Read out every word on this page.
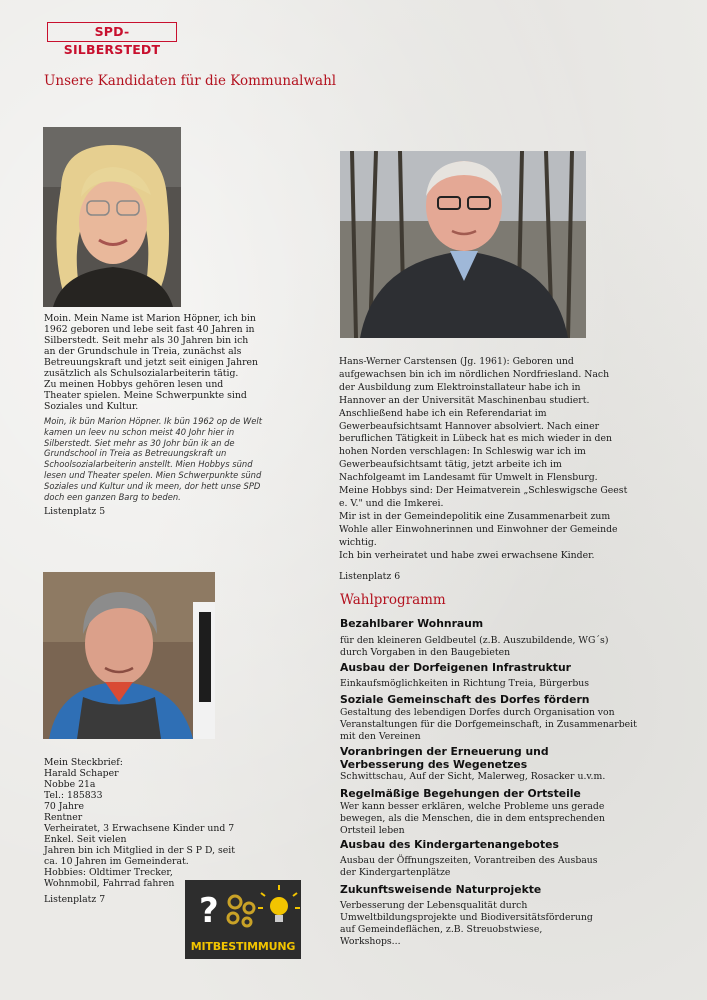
SPD-SILBERSTEDT
Unsere Kandidaten für die Kommunalwahl
Moin. Mein Name ist Marion Höpner, ich bin
1962 geboren und lebe seit fast 40 Jahren in
Silberstedt. Seit mehr als 30 Jahren bin ich
an der Grundschule in Treia, zunächst als
Betreuungskraft und jetzt seit einigen Jahren
zusätzlich als Schulsozialarbeiterin tätig.
Zu meinen Hobbys gehören lesen und
Theater spielen. Meine Schwerpunkte sind
Soziales und Kultur.
Moin, ik bün Marion Höpner. Ik bün 1962 op de Welt
kamen un leev nu schon meist 40 Johr hier in
Silberstedt. Siet mehr as 30 Johr bün ik an de
Grundschool in Treia as Betreuungskraft un
Schoolsozialarbeiterin anstellt. Mien Hobbys sünd
lesen und Theater spelen. Mien Schwerpunkte sünd
Soziales und Kultur und ik meen, dor hett unse SPD
doch een ganzen Barg to beden.
Listenplatz 5
Hans-Werner Carstensen (Jg. 1961): Geboren und
aufgewachsen bin ich im nördlichen Nordfriesland. Nach
der Ausbildung zum Elektroinstallateur habe ich in
Hannover an der Universität Maschinenbau studiert.
Anschließend habe ich ein Referendariat im
Gewerbeaufsichtsamt Hannover absolviert. Nach einer
beruflichen Tätigkeit in Lübeck hat es mich wieder in den
hohen Norden verschlagen: In Schleswig war ich im
Gewerbeaufsichtsamt tätig, jetzt arbeite ich im
Nachfolgeamt im Landesamt für Umwelt in Flensburg.
Meine Hobbys sind: Der Heimatverein „Schleswigsche Geest
e. V." und die Imkerei.
Mir ist in der Gemeindepolitik eine Zusammenarbeit zum
Wohle aller Einwohnerinnen und Einwohner der Gemeinde
wichtig.
Ich bin verheiratet und habe zwei erwachsene Kinder.
Listenplatz 6
Mein Steckbrief:
Harald Schaper
Nobbe 21a
Tel.: 185833
70 Jahre
Rentner
Verheiratet, 3 Erwachsene Kinder und 7
Enkel. Seit vielen
Jahren bin ich Mitglied in der S P D, seit
ca. 10 Jahren im Gemeinderat.
Hobbies: Oldtimer Trecker,
Wohnmobil, Fahrrad fahren
Listenplatz 7	?
MITBESTIMMUNG
Wahlprogramm
Bezahlbarer Wohnraum
für den kleineren Geldbeutel (z.B. Auszubildende, WG´s)
durch Vorgaben in den Baugebieten
Ausbau der Dorfeigenen Infrastruktur
Einkaufsmöglichkeiten in Richtung Treia, Bürgerbus
Soziale Gemeinschaft des Dorfes fördern
Gestaltung des lebendigen Dorfes durch Organisation von
Veranstaltungen für die Dorfgemeinschaft, in Zusammenarbeit
mit den Vereinen
Voranbringen der Erneuerung und Verbesserung des Wegenetzes
Schwittschau, Auf der Sicht, Malerweg, Rosacker u.v.m.
Regelmäßige Begehungen der Ortsteile
Wer kann besser erklären, welche Probleme uns gerade
bewegen, als die Menschen, die in dem entsprechenden
Ortsteil leben
Ausbau des Kindergartenangebotes
Ausbau der Öffnungszeiten, Vorantreiben des Ausbaus
der Kindergartenplätze
Zukunftsweisende Naturprojekte
Verbesserung der Lebensqualität durch
Umweltbildungsprojekte und Biodiversitätsförderung
auf Gemeindeflächen, z.B. Streuobstwiese,
Workshops...
